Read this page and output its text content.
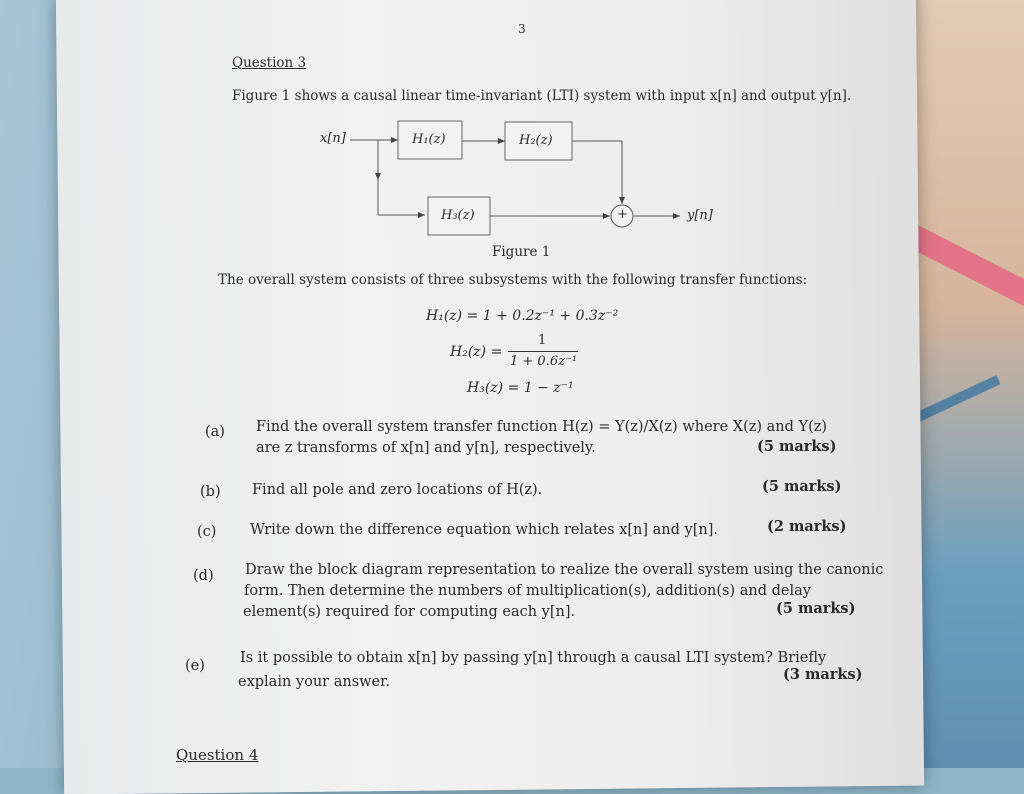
3
Question 3
Figure 1 shows a causal linear time-invariant (LTI) system with input x[n] and output y[n].
x[n]	H₁(z)	H₂(z)
H₃(z)	+	y[n]
Figure 1
The overall system consists of three subsystems with the following transfer functions:
H₁(z) = 1 + 0.2z⁻¹ + 0.3z⁻²
H₂(z) =
1
1 + 0.6z⁻¹
H₃(z) = 1 − z⁻¹
(a) Find the overall system transfer function H(z) = Y(z)/X(z) where X(z) and Y(z)
are z transforms of x[n] and y[n], respectively.	(5 marks)
(b) Find all pole and zero locations of H(z).	(5 marks)
(c) Write down the difference equation which relates x[n] and y[n].	(2 marks)
(d) Draw the block diagram representation to realize the overall system using the canonic
form. Then determine the numbers of multiplication(s), addition(s) and delay
element(s) required for computing each y[n].	(5 marks)
(e) Is it possible to obtain x[n] by passing y[n] through a causal LTI system? Briefly
explain your answer.	(3 marks)
Question 4
